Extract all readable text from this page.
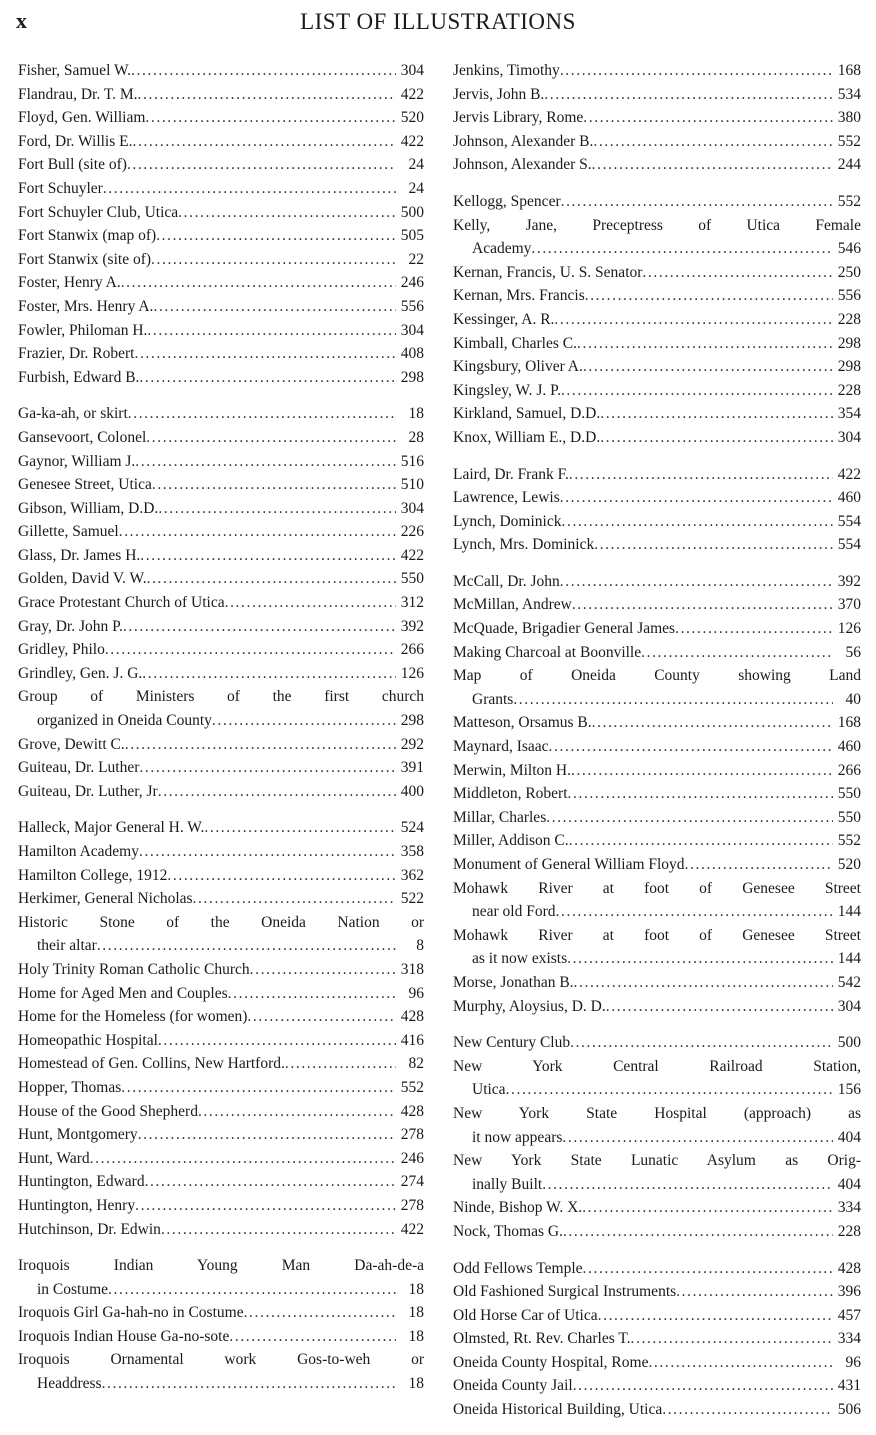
x	LIST OF ILLUSTRATIONS
Fisher, Samuel W. .....	304
Flandrau, Dr. T. M. .....	422
Floyd, Gen. William .....	520
Ford, Dr. Willis E. .....	422
Fort Bull (site of) .....	24
Fort Schuyler .....	24
Fort Schuyler Club, Utica .....	500
Fort Stanwix (map of) .....	505
Fort Stanwix (site of) .....	22
Foster, Henry A. .....	246
Foster, Mrs. Henry A. .....	556
Fowler, Philoman H. .....	304
Frazier, Dr. Robert .....	408
Furbish, Edward B. .....	298
Ga-ka-ah, or skirt .....	18
Gansevoort, Colonel .....	28
Gaynor, William J. .....	516
Genesee Street, Utica .....	510
Gibson, William, D.D. .....	304
Gillette, Samuel .....	226
Glass, Dr. James H. .....	422
Golden, David V. W. .....	550
Grace Protestant Church of Utica .....	312
Gray, Dr. John P. .....	392
Gridley, Philo .....	266
Grindley, Gen. J. G. .....	126
Group of Ministers of the first church
organized in Oneida County .....	298
Grove, Dewitt C. .....	292
Guiteau, Dr. Luther .....	391
Guiteau, Dr. Luther, Jr .....	400
Halleck, Major General H. W. .....	524
Hamilton Academy .....	358
Hamilton College, 1912 .....	362
Herkimer, General Nicholas .....	522
Historic Stone of the Oneida Nation or
their altar .....	8
Holy Trinity Roman Catholic Church .....	318
Home for Aged Men and Couples .....	96
Home for the Homeless (for women) .....	428
Homeopathic Hospital .....	416
Homestead of Gen. Collins, New Hartford. .....	82
Hopper, Thomas .....	552
House of the Good Shepherd .....	428
Hunt, Montgomery .....	278
Hunt, Ward .....	246
Huntington, Edward .....	274
Huntington, Henry .....	278
Hutchinson, Dr. Edwin .....	422
Iroquois Indian Young Man Da-ah-de-a
in Costume .....	18
Iroquois Girl Ga-hah-no in Costume .....	18
Iroquois Indian House Ga-no-sote .....	18
Iroquois Ornamental work Gos-to-weh or
Headdress .....	18
Jenkins, Timothy .....	168
Jervis, John B. .....	534
Jervis Library, Rome .....	380
Johnson, Alexander B. .....	552
Johnson, Alexander S. .....	244
Kellogg, Spencer .....	552
Kelly, Jane, Preceptress of Utica Female
Academy .....	546
Kernan, Francis, U. S. Senator .....	250
Kernan, Mrs. Francis .....	556
Kessinger, A. R. .....	228
Kimball, Charles C. .....	298
Kingsbury, Oliver A. .....	298
Kingsley, W. J. P. .....	228
Kirkland, Samuel, D.D. .....	354
Knox, William E., D.D. .....	304
Laird, Dr. Frank F. .....	422
Lawrence, Lewis .....	460
Lynch, Dominick .....	554
Lynch, Mrs. Dominick .....	554
McCall, Dr. John .....	392
McMillan, Andrew .....	370
McQuade, Brigadier General James .....	126
Making Charcoal at Boonville .....	56
Map of Oneida County showing Land
Grants .....	40
Matteson, Orsamus B. .....	168
Maynard, Isaac .....	460
Merwin, Milton H. .....	266
Middleton, Robert .....	550
Millar, Charles .....	550
Miller, Addison C. .....	552
Monument of General William Floyd .....	520
Mohawk River at foot of Genesee Street
near old Ford .....	144
Mohawk River at foot of Genesee Street
as it now exists .....	144
Morse, Jonathan B. .....	542
Murphy, Aloysius, D. D. .....	304
New Century Club .....	500
New York Central Railroad Station,
Utica .....	156
New York State Hospital (approach) as
it now appears .....	404
New York State Lunatic Asylum as Orig-
inally Built .....	404
Ninde, Bishop W. X. .....	334
Nock, Thomas G. .....	228
Odd Fellows Temple .....	428
Old Fashioned Surgical Instruments .....	396
Old Horse Car of Utica .....	457
Olmsted, Rt. Rev. Charles T. .....	334
Oneida County Hospital, Rome .....	96
Oneida County Jail .....	431
Oneida Historical Building, Utica .....	506
